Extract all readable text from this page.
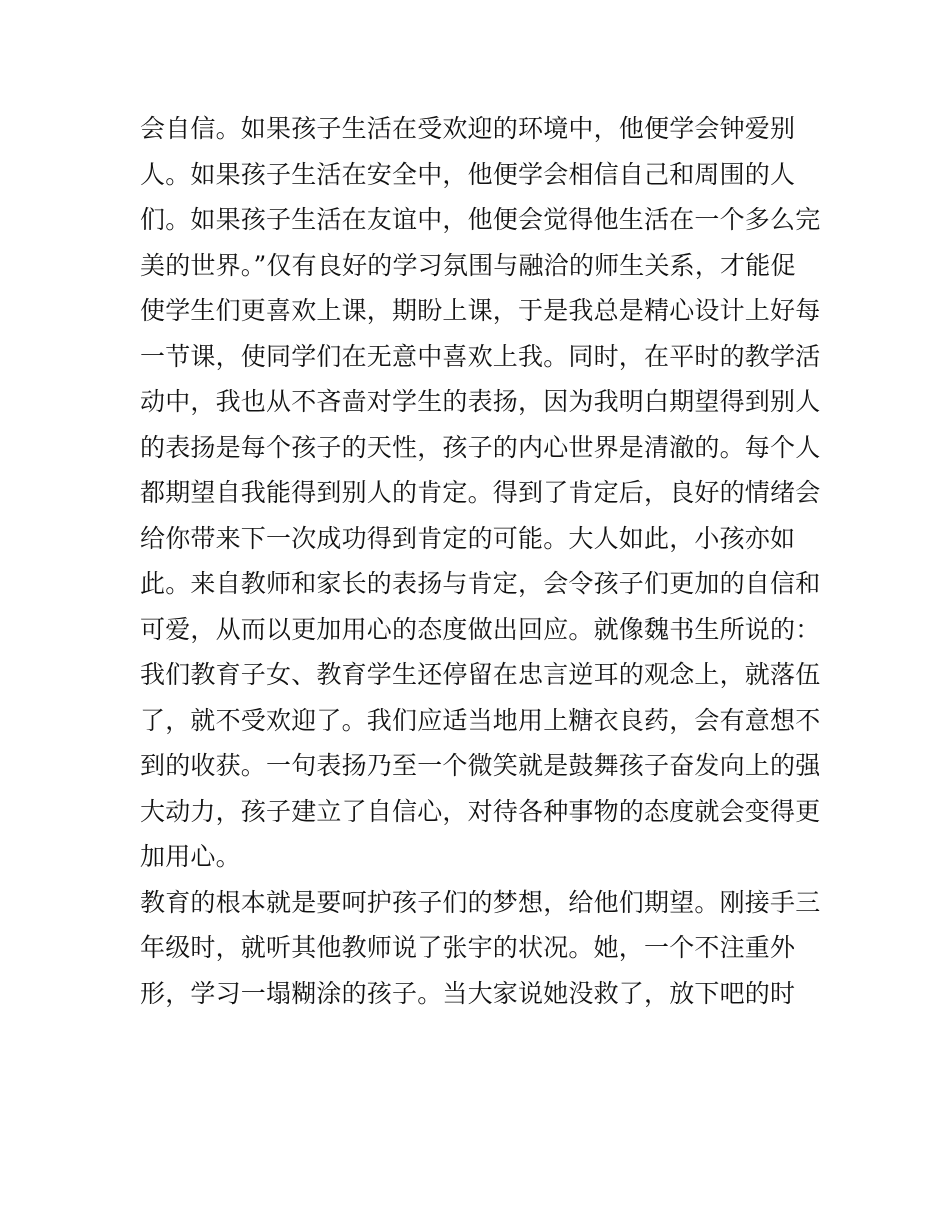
会自信。如果孩子生活在受欢迎的环境中，他便学会钟爱别
人。如果孩子生活在安全中，他便学会相信自己和周围的人
们。如果孩子生活在友谊中，他便会觉得他生活在一个多么完
美的世界。”仅有良好的学习氛围与融洽的师生关系，才能促
使学生们更喜欢上课，期盼上课，于是我总是精心设计上好每
一节课，使同学们在无意中喜欢上我。同时，在平时的教学活
动中，我也从不吝啬对学生的表扬，因为我明白期望得到别人
的表扬是每个孩子的天性，孩子的内心世界是清澈的。每个人
都期望自我能得到别人的肯定。得到了肯定后，良好的情绪会
给你带来下一次成功得到肯定的可能。大人如此，小孩亦如
此。来自教师和家长的表扬与肯定，会令孩子们更加的自信和
可爱，从而以更加用心的态度做出回应。就像魏书生所说的：
我们教育子女、教育学生还停留在忠言逆耳的观念上，就落伍
了，就不受欢迎了。我们应适当地用上糖衣良药，会有意想不
到的收获。一句表扬乃至一个微笑就是鼓舞孩子奋发向上的强
大动力，孩子建立了自信心，对待各种事物的态度就会变得更
加用心。
教育的根本就是要呵护孩子们的梦想，给他们期望。刚接手三
年级时，就听其他教师说了张宇的状况。她，一个不注重外
形，学习一塌糊涂的孩子。当大家说她没救了，放下吧的时
